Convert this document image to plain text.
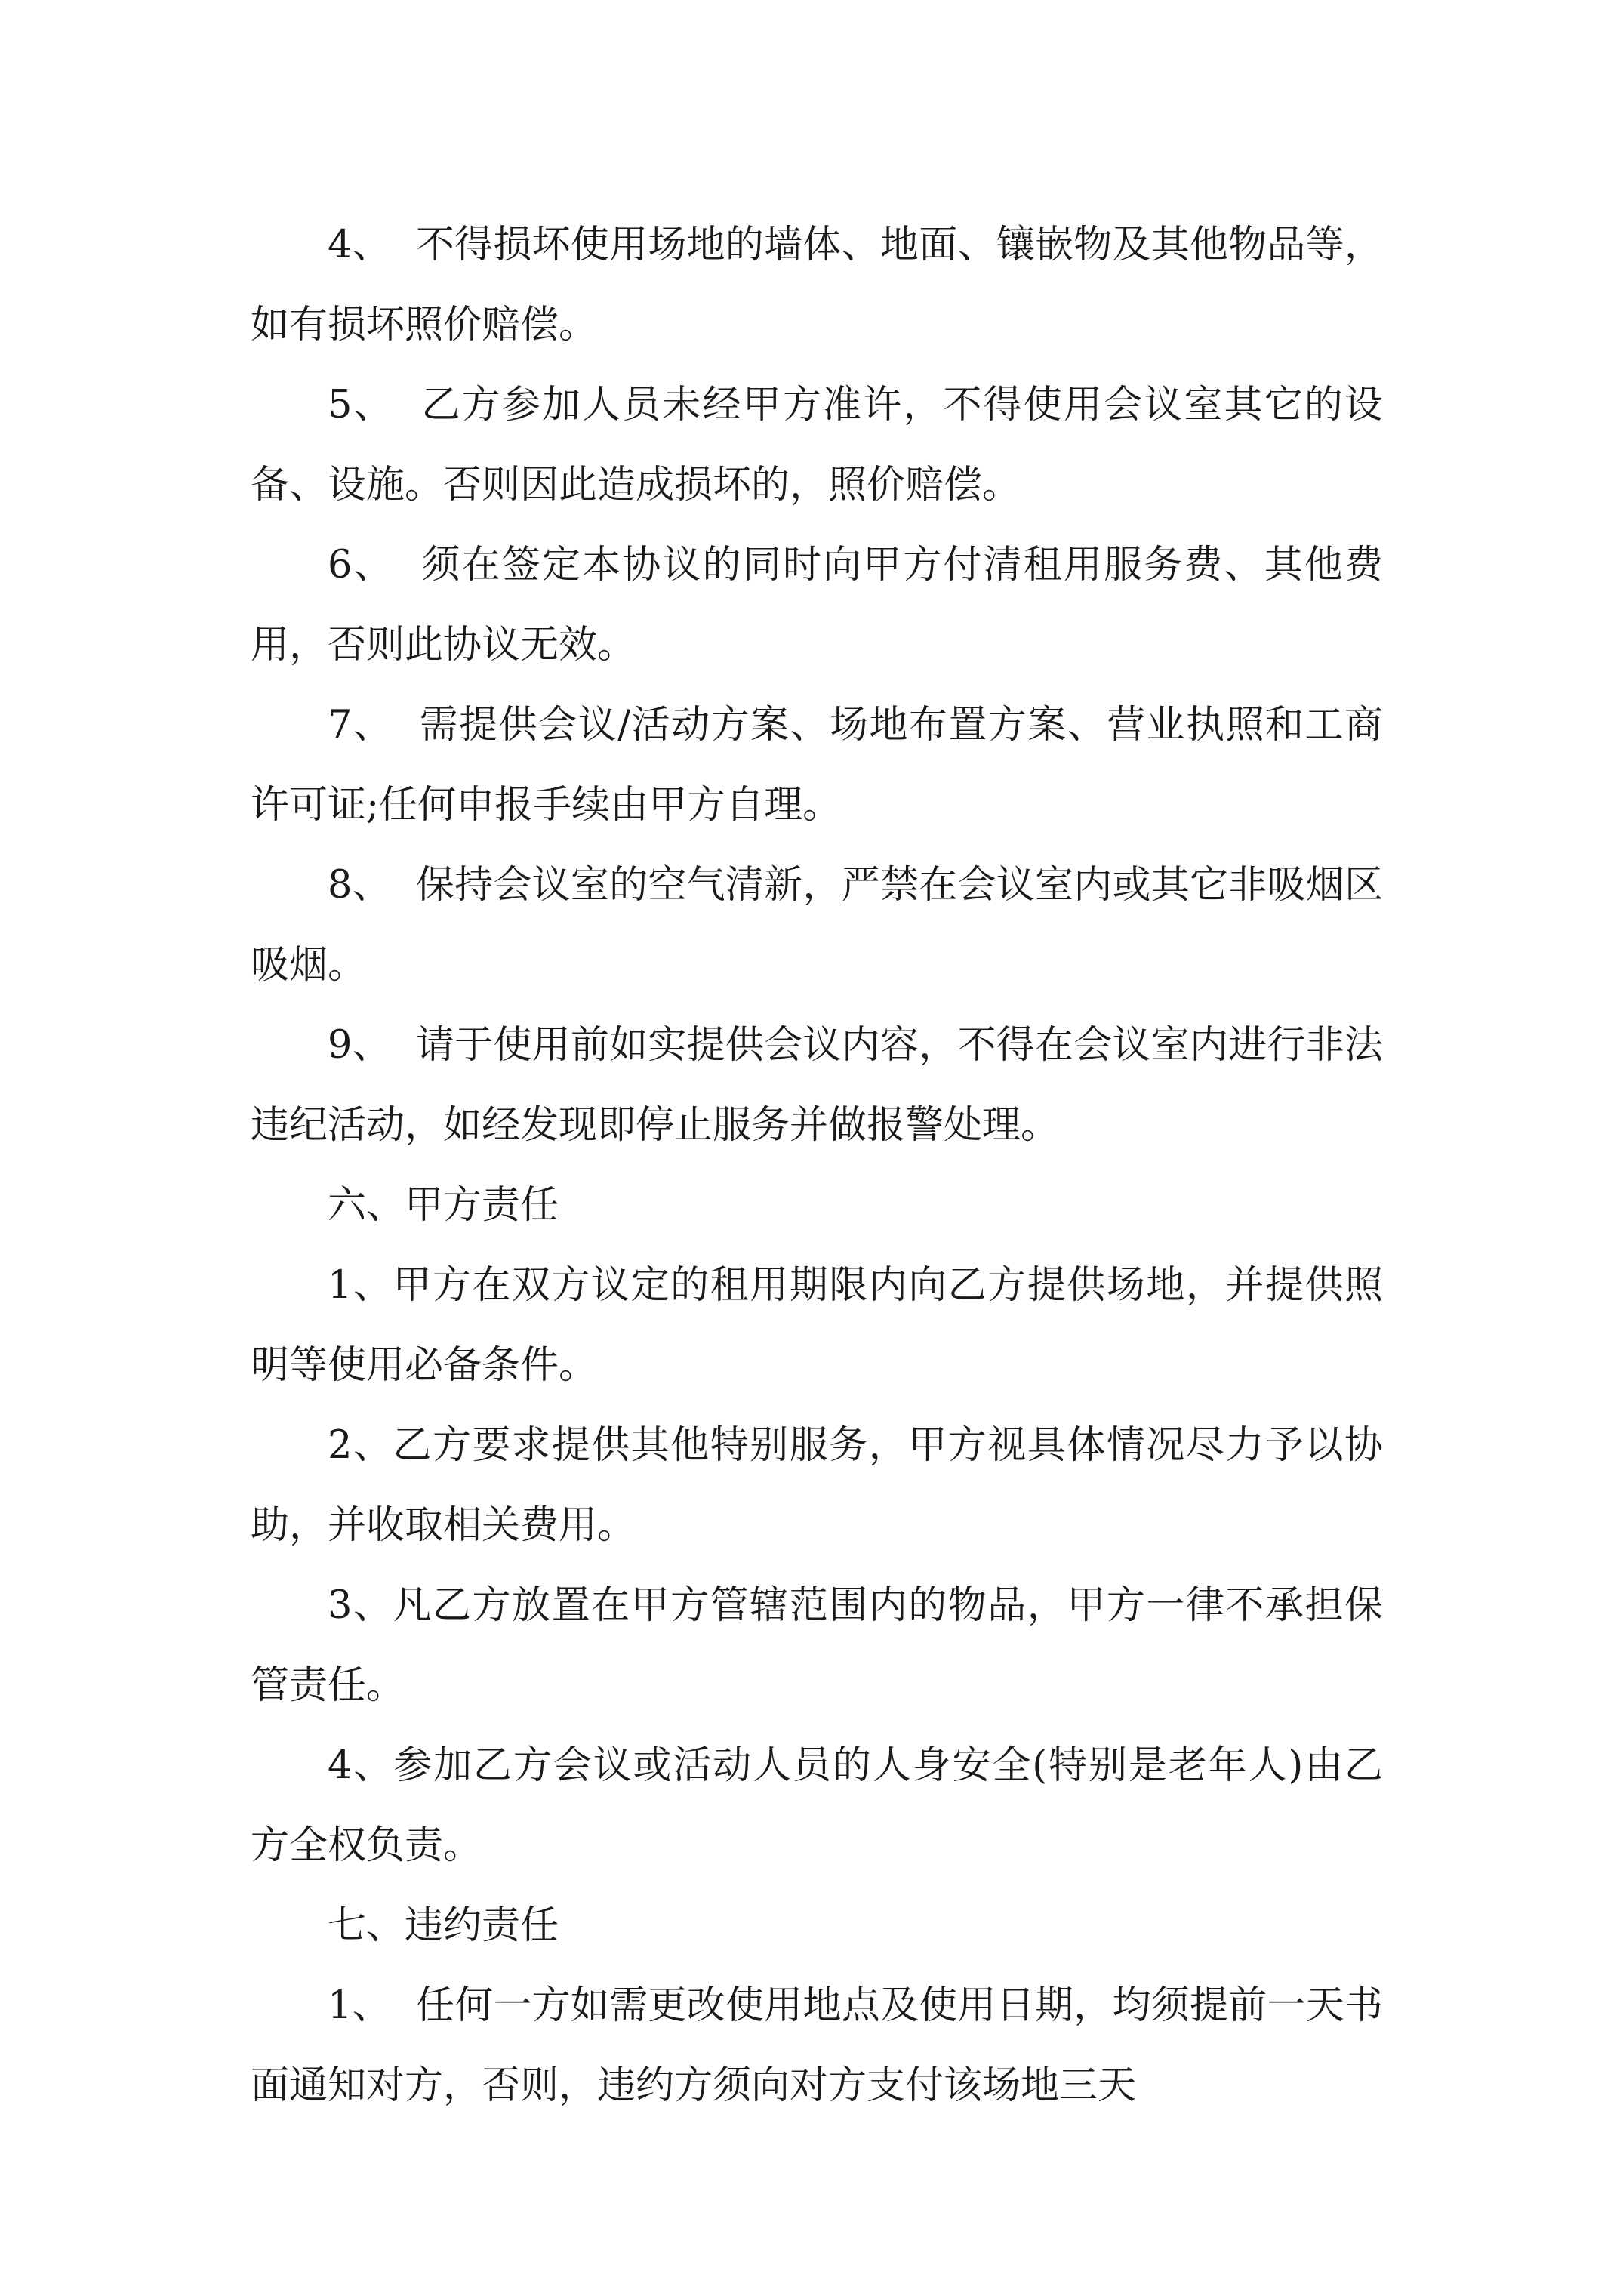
4、  不得损坏使用场地的墙体、地面、镶嵌物及其他物品等，如有损坏照价赔偿。

5、  乙方参加人员未经甲方准许，不得使用会议室其它的设备、设施。否则因此造成损坏的，照价赔偿。

6、  须在签定本协议的同时向甲方付清租用服务费、其他费用，否则此协议无效。

7、  需提供会议/活动方案、场地布置方案、营业执照和工商许可证;任何申报手续由甲方自理。

8、  保持会议室的空气清新，严禁在会议室内或其它非吸烟区吸烟。

9、  请于使用前如实提供会议内容，不得在会议室内进行非法违纪活动，如经发现即停止服务并做报警处理。

六、甲方责任

1、甲方在双方议定的租用期限内向乙方提供场地，并提供照明等使用必备条件。

2、乙方要求提供其他特别服务，甲方视具体情况尽力予以协助，并收取相关费用。

3、凡乙方放置在甲方管辖范围内的物品，甲方一律不承担保管责任。

4、参加乙方会议或活动人员的人身安全(特别是老年人)由乙方全权负责。

七、违约责任

1、  任何一方如需更改使用地点及使用日期，均须提前一天书面通知对方，否则，违约方须向对方支付该场地三天
